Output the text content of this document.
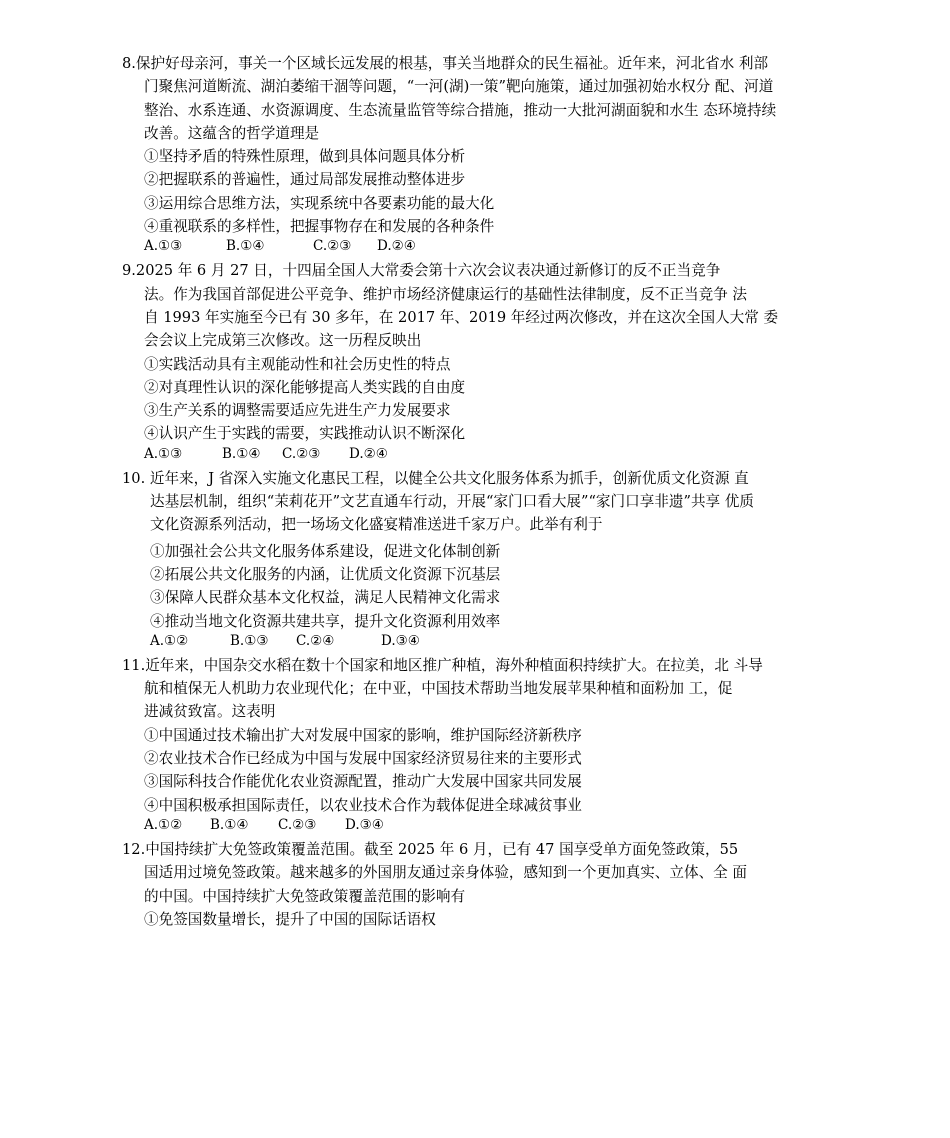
8.保护好母亲河，事关一个区域长远发展的根基，事关当地群众的民生福祉。近年来，河北省水 利部
门聚焦河道断流、湖泊萎缩干涸等问题，“一河(湖)一策”靶向施策，通过加强初始水权分 配、河道
整治、水系连通、水资源调度、生态流量监管等综合措施，推动一大批河湖面貌和水生 态环境持续
改善。这蕴含的哲学道理是
①坚持矛盾的特殊性原理，做到具体问题具体分析
②把握联系的普遍性，通过局部发展推动整体进步
③运用综合思维方法，实现系统中各要素功能的最大化
④重视联系的多样性，把握事物存在和发展的各种条件
A.①③	B.①④	C.②③ D.②④
9.2025 年 6 月 27 日，十四届全国人大常委会第十六次会议表决通过新修订的反不正当竞争
法。作为我国首部促进公平竞争、维护市场经济健康运行的基础性法律制度，反不正当竞争 法
自 1993 年实施至今已有 30 多年，在 2017 年、2019 年经过两次修改，并在这次全国人大常 委
会会议上完成第三次修改。这一历程反映出
①实践活动具有主观能动性和社会历史性的特点
②对真理性认识的深化能够提高人类实践的自由度
③生产关系的调整需要适应先进生产力发展要求
④认识产生于实践的需要，实践推动认识不断深化
A.①③	B.①④ C.②③ D.②④
10. 近年来，J 省深入实施文化惠民工程，以健全公共文化服务体系为抓手，创新优质文化资源 直
达基层机制，组织“茉莉花开”文艺直通车行动，开展“家门口看大展”“家门口享非遗”共享 优质
文化资源系列活动，把一场场文化盛宴精准送进千家万户。此举有利于
①加强社会公共文化服务体系建设，促进文化体制创新
②拓展公共文化服务的内涵，让优质文化资源下沉基层
③保障人民群众基本文化权益，满足人民精神文化需求
④推动当地文化资源共建共享，提升文化资源利用效率
A.①②	B.①③ C.②④	D.③④
11.近年来，中国杂交水稻在数十个国家和地区推广种植，海外种植面积持续扩大。在拉美，北 斗导
航和植保无人机助力农业现代化；在中亚，中国技术帮助当地发展苹果种植和面粉加 工，促
进减贫致富。这表明
①中国通过技术输出扩大对发展中国家的影响，维护国际经济新秩序
②农业技术合作已经成为中国与发展中国家经济贸易往来的主要形式
③国际科技合作能优化农业资源配置，推动广大发展中国家共同发展
④中国积极承担国际责任，以农业技术合作为载体促进全球减贫事业
A.①② B.①④ C.②③ D.③④
12.中国持续扩大免签政策覆盖范围。截至 2025 年 6 月，已有 47 国享受单方面免签政策，55
国适用过境免签政策。越来越多的外国朋友通过亲身体验，感知到一个更加真实、立体、全 面
的中国。中国持续扩大免签政策覆盖范围的影响有
①免签国数量增长，提升了中国的国际话语权
